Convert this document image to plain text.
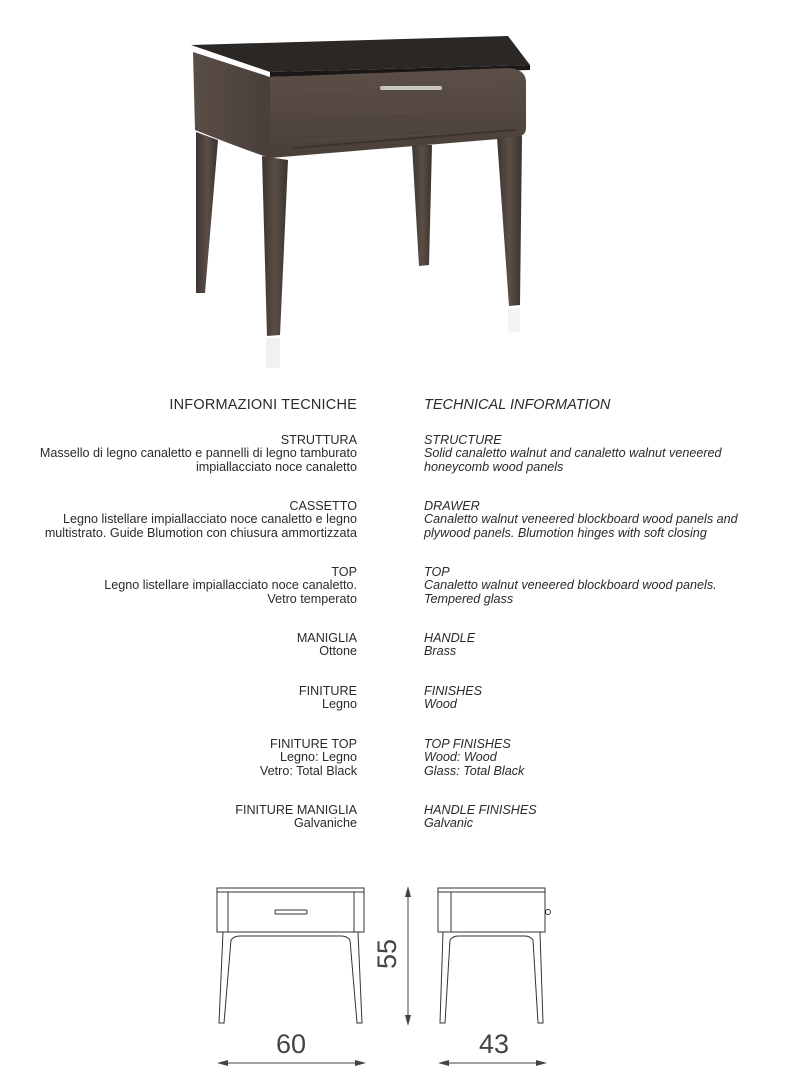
INFORMAZIONI TECNICHE	TECHNICAL INFORMATION
STRUTTURA
Massello di legno canaletto e pannelli di legno tamburato
impiallacciato noce canaletto
STRUCTURE
Solid canaletto walnut and canaletto walnut veneered
honeycomb wood panels
CASSETTO
Legno listellare impiallacciato noce canaletto e legno
multistrato. Guide Blumotion con chiusura ammortizzata
DRAWER
Canaletto walnut veneered blockboard wood panels and
plywood panels. Blumotion hinges with soft closing
TOP
Legno listellare impiallacciato noce canaletto.
Vetro temperato
TOP
Canaletto walnut veneered blockboard wood panels.
Tempered glass
MANIGLIA
Ottone
HANDLE
Brass
FINITURE
Legno
FINISHES
Wood
FINITURE TOP
Legno: Legno
Vetro: Total Black
TOP FINISHES
Wood: Wood
Glass: Total Black
FINITURE MANIGLIA
Galvaniche
HANDLE FINISHES
Galvanic
60	43
55
